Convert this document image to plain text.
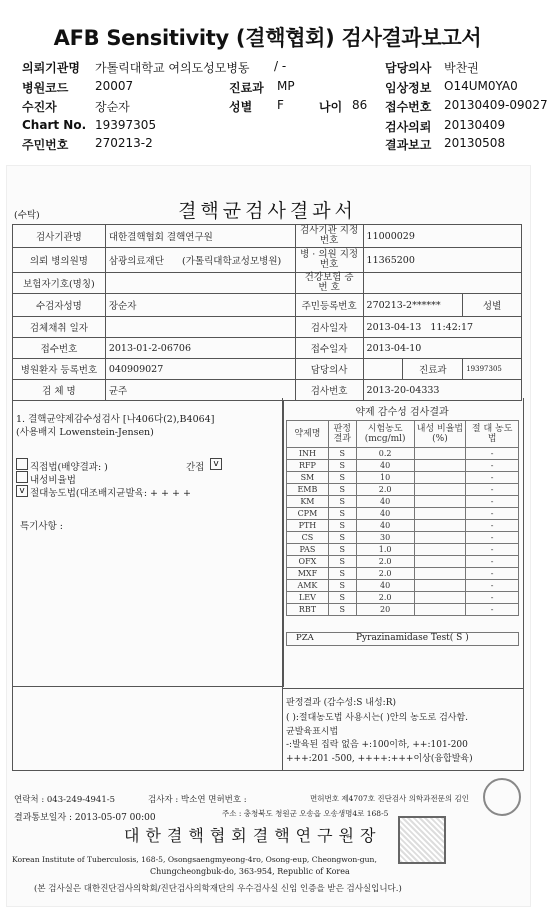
AFB Sensitivity (결핵협회) 검사결과보고서
의뢰기관명 가톨릭대학교 여의도성모병동 / -
병원코드 20007
수진자	장순자
Chart No. 19397305
주민번호 270213-2
진료과 MP
성별 F	나이 86
담당의사 박찬권
임상정보 O14UM0YA0
접수번호 20130409-09027
검사의뢰 20130409
결과보고 20130508
(수탁)	결핵균검사결과서
검사기관명	대한결핵협회 결핵연구원	검사기관 지정번호	11000029		
의뢰 병의원명	삼광의료재단 (가톨릭대학교성모병원)	병 · 의원 지정번호	11365200		
보험자기호(명칭)		건강보험 증 번 호			
수검자성명	장순자	주민등록번호	270213-2******		성별
검체채취 일자		검사일자	2013-04-13 11:42:17		
접수번호	2013-01-2-06706	접수일자	2013-04-10		
병원환자 등록번호	040909027	담당의사		진료과	19397305
검 체 명	균주	검사번호	2013-20-04333		
1. 결핵균약제감수성검사 [나406다(2),B4064]
(사용배지 Lowenstein-Jensen)
직접법(배양결과: )	간접 v
내성비율법
v 절대농도법(대조배지균발육: + + + +
특기사항 :
약제 감수성 검사결과
약제명	판정 결과	시험농도 (mcg/ml)	내성 비율법(%)	절 대 농도법
INH	S	0.2		-
RFP	S	40		-
SM	S	10		-
EMB	S	2.0		-
KM	S	40		-
CPM	S	40		-
PTH	S	40		-
CS	S	30		-
PAS	S	1.0		-
OFX	S	2.0		-
MXF	S	2.0		-
AMK	S	40		-
LEV	S	2.0		-
RBT	S	20		-
PZA	Pyrazinamidase Test( S )
판정결과 (감수성:S 내성:R)
( ):절대농도법 사용시는( )안의 농도로 검사함.
균발육표시법
-:발육된 집락 없음 +:100이하, ++:101-200
+++:201 -500, ++++:+++이상(융합발육)
연락처 : 043-249-4941-5	검사자 : 박소연 면허번호 :	면허번호 제4707호 진단검사 의학과전문의 김인
결과통보일자 : 2013-05-07 00:00	주소 : 충청북도 청원군 오송읍 오송생명4로 168-5
대한결핵협회결핵연구원장
Korean Institute of Tuberculosis, 168-5, Osongsaengmyeong-4ro, Osong-eup, Cheongwon-gun,
Chungcheongbuk-do, 363-954, Republic of Korea
(본 검사실은 대한진단검사의학회/진단검사의학재단의 우수검사실 신임 인증을 받은 검사실입니다.)
